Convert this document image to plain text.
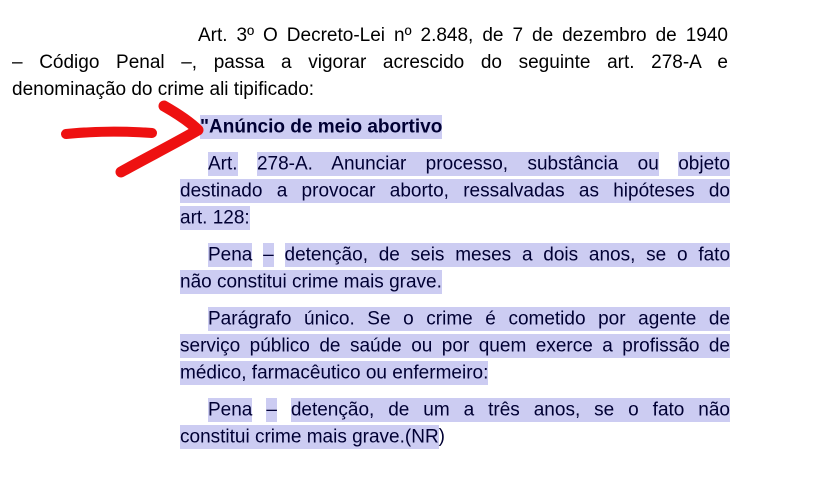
Art. 3º O Decreto-Lei nº 2.848, de 7 de dezembro de 1940
– Código Penal –, passa a vigorar acrescido do seguinte art. 278-A e
denominação do crime ali tipificado:
"Anúncio de meio abortivo
Art. 278-A. Anunciar processo, substância ou objeto
destinado a provocar aborto, ressalvadas as hipóteses do
art. 128:
Pena – detenção, de seis meses a dois anos, se o fato
não constitui crime mais grave.
Parágrafo único. Se o crime é cometido por agente de
serviço público de saúde ou por quem exerce a profissão de
médico, farmacêutico ou enfermeiro:
Pena – detenção, de um a três anos, se o fato não
constitui crime mais grave.(NR)
